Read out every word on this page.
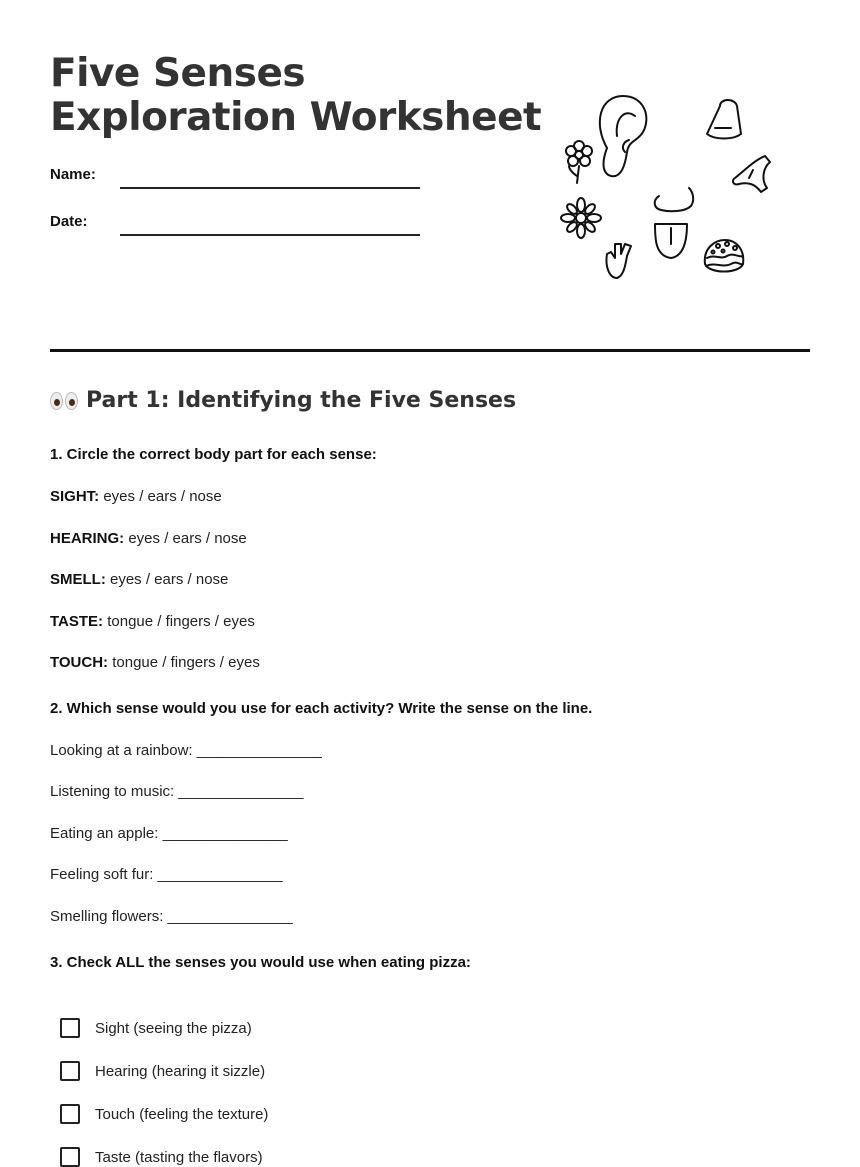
Five Senses Exploration Worksheet
Name:
Date:
Part 1: Identifying the Five Senses
1. Circle the correct body part for each sense:
SIGHT: eyes / ears / nose
HEARING: eyes / ears / nose
SMELL: eyes / ears / nose
TASTE: tongue / fingers / eyes
TOUCH: tongue / fingers / eyes
2. Which sense would you use for each activity? Write the sense on the line.
Looking at a rainbow: _______________
Listening to music: _______________
Eating an apple: _______________
Feeling soft fur: _______________
Smelling flowers: _______________
3. Check ALL the senses you would use when eating pizza:
Sight (seeing the pizza)
Hearing (hearing it sizzle)
Touch (feeling the texture)
Taste (tasting the flavors)
